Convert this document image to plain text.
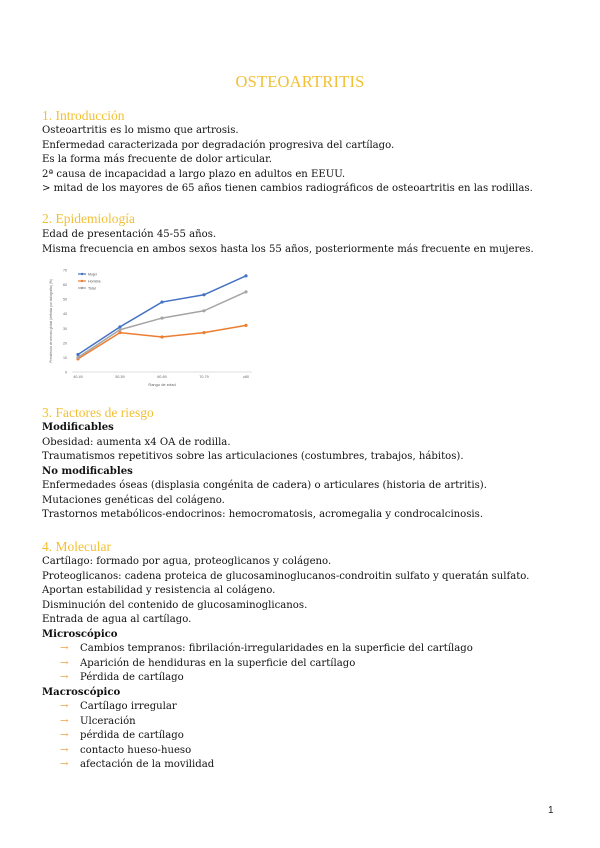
OSTEOARTRITIS
1. Introducción
Osteoartritis es lo mismo que artrosis.
Enfermedad caracterizada por degradación progresiva del cartílago.
Es la forma más frecuente de dolor articular.
2ª causa de incapacidad a largo plazo en adultos en EEUU.
> mitad de los mayores de 65 años tienen cambios radiográficos de osteoartritis en las rodillas.
2. Epidemiología
Edad de presentación 45-55 años.
Misma frecuencia en ambos sexos hasta los 55 años, posteriormente más frecuente en mujeres.
0
10
20
30
40
50
60
70
40-49	50-59	60-69	70-79	≥80
Rango de edad
Prevalencia de artrosis global (definida por radiografía) (%)
Mujer
Hombre
Total
3. Factores de riesgo
Modificables
Obesidad: aumenta x4 OA de rodilla.
Traumatismos repetitivos sobre las articulaciones (costumbres, trabajos, hábitos).
No modificables
Enfermedades óseas (displasia congénita de cadera) o articulares (historia de artritis).
Mutaciones genéticas del colágeno.
Trastornos metabólicos-endocrinos: hemocromatosis, acromegalia y condrocalcinosis.
4. Molecular
Cartílago: formado por agua, proteoglicanos y colágeno.
Proteoglicanos: cadena proteica de glucosaminoglucanos-condroitin sulfato y queratán sulfato.
Aportan estabilidad y resistencia al colágeno.
Disminución del contenido de glucosaminoglicanos.
Entrada de agua al cartílago.
Microscópico
→ Cambios tempranos: fibrilación-irregularidades en la superficie del cartílago
→ Aparición de hendiduras en la superficie del cartílago
→ Pérdida de cartílago
Macroscópico
→ Cartílago irregular
→ Ulceración
→ pérdida de cartílago
→ contacto hueso-hueso
→ afectación de la movilidad
1
